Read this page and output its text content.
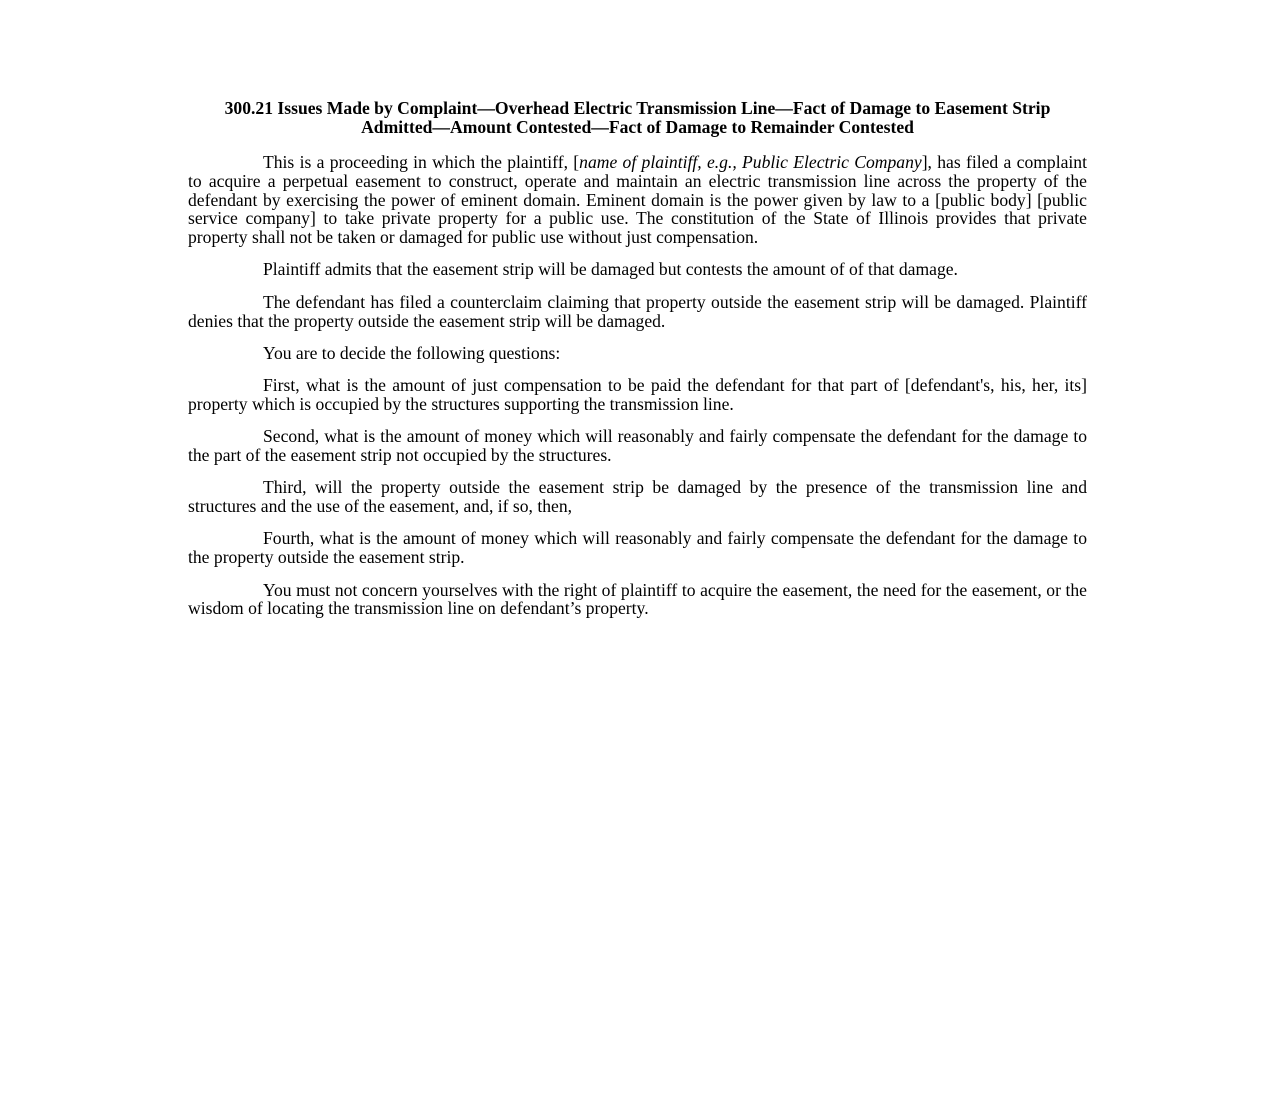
300.21 Issues Made by Complaint—Overhead Electric Transmission Line—Fact of Damage to Easement Strip Admitted—Amount Contested—Fact of Damage to Remainder Contested

This is a proceeding in which the plaintiff, [name of plaintiff, e.g., Public Electric Company], has filed a complaint to acquire a perpetual easement to construct, operate and maintain an electric transmission line across the property of the defendant by exercising the power of eminent domain. Eminent domain is the power given by law to a [public body] [public service company] to take private property for a public use. The constitution of the State of Illinois provides that private property shall not be taken or damaged for public use without just compensation.

Plaintiff admits that the easement strip will be damaged but contests the amount of of that damage.

The defendant has filed a counterclaim claiming that property outside the easement strip will be damaged. Plaintiff denies that the property outside the easement strip will be damaged.

You are to decide the following questions:

First, what is the amount of just compensation to be paid the defendant for that part of [defendant's, his, her, its] property which is occupied by the structures supporting the transmission line.

Second, what is the amount of money which will reasonably and fairly compensate the defendant for the damage to the part of the easement strip not occupied by the structures.

Third, will the property outside the easement strip be damaged by the presence of the transmission line and structures and the use of the easement, and, if so, then,

Fourth, what is the amount of money which will reasonably and fairly compensate the defendant for the damage to the property outside the easement strip.

You must not concern yourselves with the right of plaintiff to acquire the easement, the need for the easement, or the wisdom of locating the transmission line on defendant’s property.
